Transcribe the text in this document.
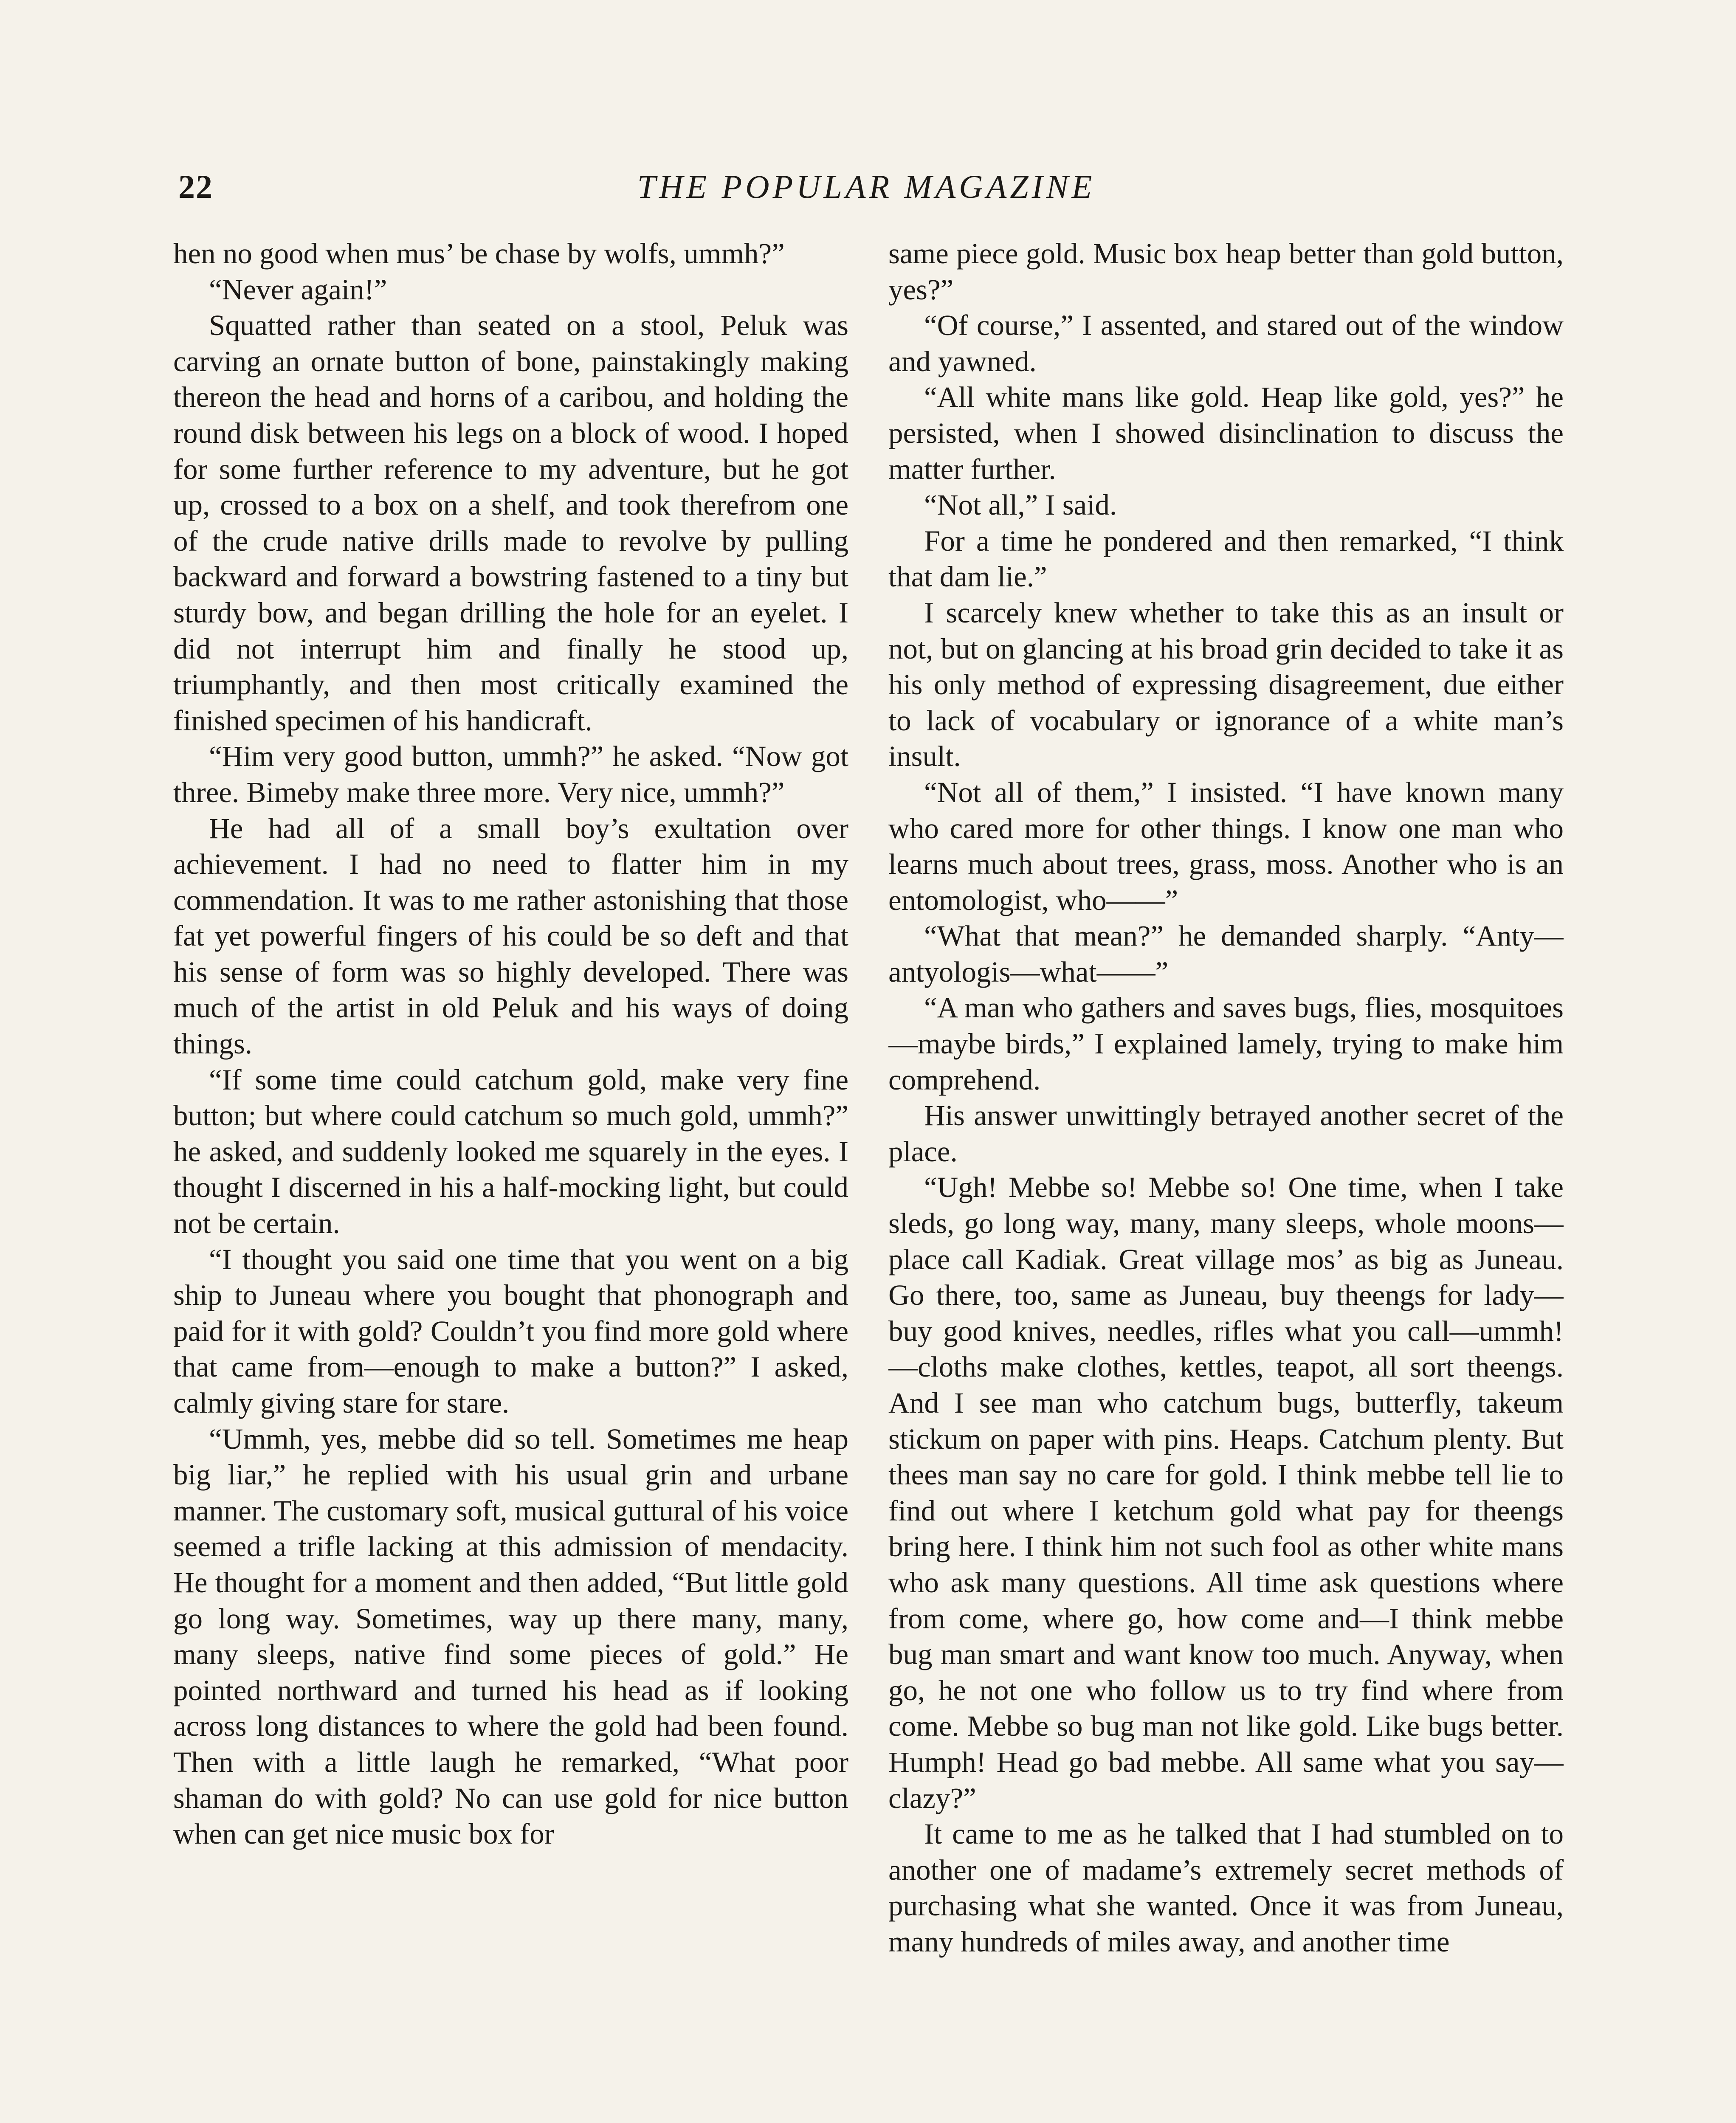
22	THE POPULAR MAGAZINE

hen no good when mus’ be chase by wolfs, ummh?”

“Never again!”

Squatted rather than seated on a stool, Peluk was carving an ornate button of bone, painstakingly making thereon the head and horns of a caribou, and holding the round disk between his legs on a block of wood. I hoped for some further reference to my adventure, but he got up, crossed to a box on a shelf, and took therefrom one of the crude native drills made to revolve by pulling backward and forward a bowstring fastened to a tiny but sturdy bow, and began drilling the hole for an eyelet. I did not interrupt him and finally he stood up, triumphantly, and then most critically examined the finished specimen of his handicraft.

“Him very good button, ummh?” he asked. “Now got three. Bimeby make three more. Very nice, ummh?”

He had all of a small boy’s exultation over achievement. I had no need to flatter him in my commendation. It was to me rather astonishing that those fat yet powerful fingers of his could be so deft and that his sense of form was so highly developed. There was much of the artist in old Peluk and his ways of doing things.

“If some time could catchum gold, make very fine button; but where could catchum so much gold, ummh?” he asked, and suddenly looked me squarely in the eyes. I thought I discerned in his a half-mocking light, but could not be certain.

“I thought you said one time that you went on a big ship to Juneau where you bought that phonograph and paid for it with gold? Couldn’t you find more gold where that came from—enough to make a button?” I asked, calmly giving stare for stare.

“Ummh, yes, mebbe did so tell. Sometimes me heap big liar,” he replied with his usual grin and urbane manner. The customary soft, musical guttural of his voice seemed a trifle lacking at this admission of mendacity. He thought for a moment and then added, “But little gold go long way. Sometimes, way up there many, many, many sleeps, native find some pieces of gold.” He pointed northward and turned his head as if looking across long distances to where the gold had been found. Then with a little laugh he remarked, “What poor shaman do with gold? No can use gold for nice button when can get nice music box for

same piece gold. Music box heap better than gold button, yes?”

“Of course,” I assented, and stared out of the window and yawned.

“All white mans like gold. Heap like gold, yes?” he persisted, when I showed disinclination to discuss the matter further.

“Not all,” I said.

For a time he pondered and then remarked, “I think that dam lie.”

I scarcely knew whether to take this as an insult or not, but on glancing at his broad grin decided to take it as his only method of expressing disagreement, due either to lack of vocabulary or ignorance of a white man’s insult.

“Not all of them,” I insisted. “I have known many who cared more for other things. I know one man who learns much about trees, grass, moss. Another who is an entomologist, who——”

“What that mean?” he demanded sharply. “Anty—antyologis—what——”

“A man who gathers and saves bugs, flies, mosquitoes—maybe birds,” I explained lamely, trying to make him comprehend.

His answer unwittingly betrayed another secret of the place.

“Ugh! Mebbe so! Mebbe so! One time, when I take sleds, go long way, many, many sleeps, whole moons—place call Kadiak. Great village mos’ as big as Juneau. Go there, too, same as Juneau, buy theengs for lady—buy good knives, needles, rifles what you call—ummh!—cloths make clothes, kettles, teapot, all sort theengs. And I see man who catchum bugs, butterfly, takeum stickum on paper with pins. Heaps. Catchum plenty. But thees man say no care for gold. I think mebbe tell lie to find out where I ketchum gold what pay for theengs bring here. I think him not such fool as other white mans who ask many questions. All time ask questions where from come, where go, how come and—I think mebbe bug man smart and want know too much. Anyway, when go, he not one who follow us to try find where from come. Mebbe so bug man not like gold. Like bugs better. Humph! Head go bad mebbe. All same what you say—clazy?”

It came to me as he talked that I had stumbled on to another one of madame’s extremely secret methods of purchasing what she wanted. Once it was from Juneau, many hundreds of miles away, and another time
